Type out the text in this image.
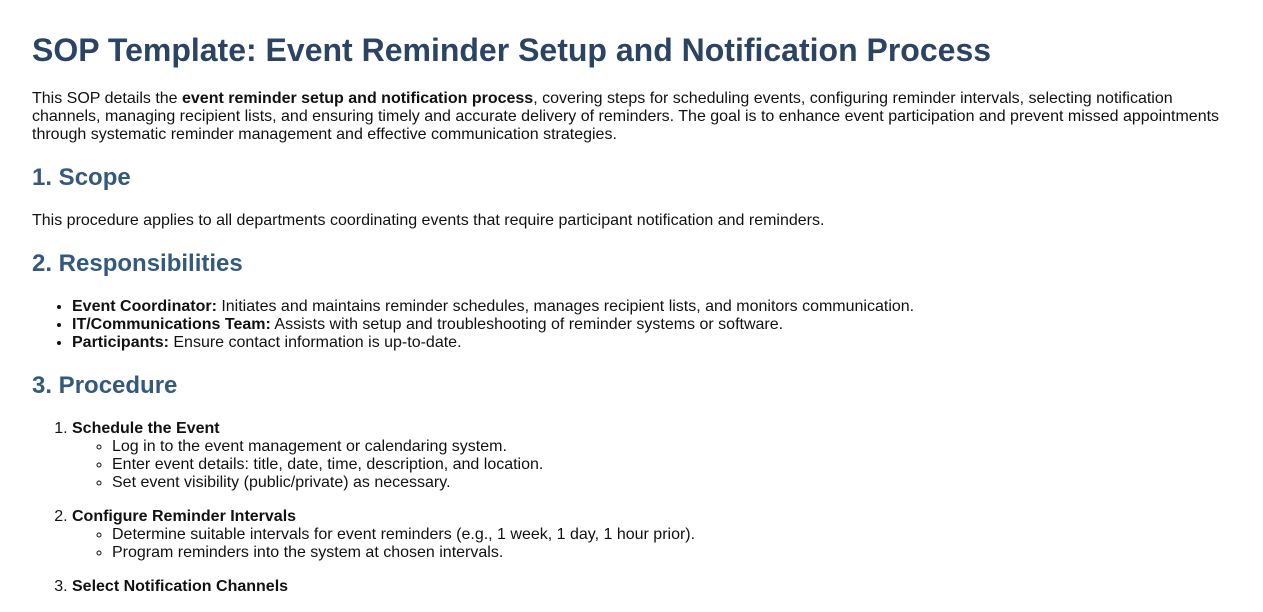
SOP Template: Event Reminder Setup and Notification Process

This SOP details the event reminder setup and notification process, covering steps for scheduling events, configuring reminder intervals, selecting notification channels, managing recipient lists, and ensuring timely and accurate delivery of reminders. The goal is to enhance event participation and prevent missed appointments through systematic reminder management and effective communication strategies.

1. Scope

This procedure applies to all departments coordinating events that require participant notification and reminders.

2. Responsibilities
• Event Coordinator: Initiates and maintains reminder schedules, manages recipient lists, and monitors communication.
• IT/Communications Team: Assists with setup and troubleshooting of reminder systems or software.
• Participants: Ensure contact information is up-to-date.
3. Procedure
1. Schedule the Event
◦ Log in to the event management or calendaring system.
◦ Enter event details: title, date, time, description, and location.
◦ Set event visibility (public/private) as necessary.
2. Configure Reminder Intervals
◦ Determine suitable intervals for event reminders (e.g., 1 week, 1 day, 1 hour prior).
◦ Program reminders into the system at chosen intervals.
3. Select Notification Channels
